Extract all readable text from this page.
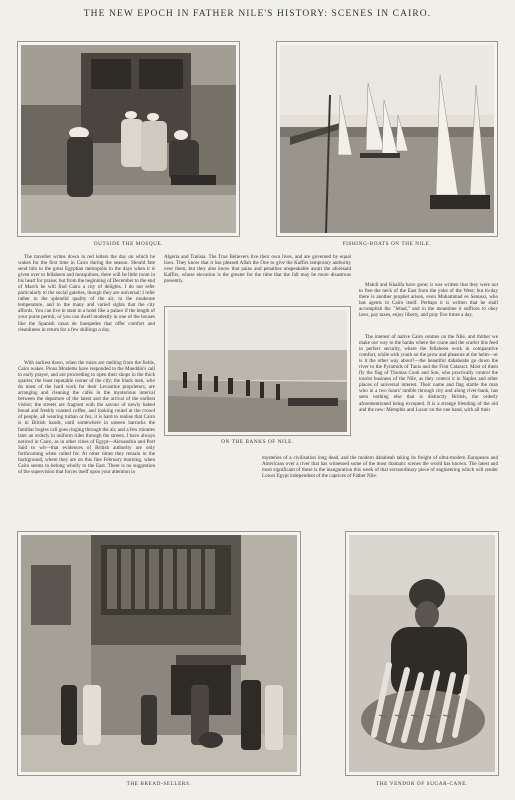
THE NEW EPOCH IN FATHER NILE'S HISTORY: SCENES IN CAIRO.
OUTSIDE THE MOSQUE.	FISHING-BOATS ON THE NILE.
ON THE BANKS OF NILE.

The traveller writes down in red letters the day on which he wakes for the first time in Cairo during the season. Should fate send him to the great Egyptian metropolis in the days when it is given over to fellaheen and mosquitoes, there will be little room in his heart for praise; but from the beginning of December to the end of March he will find Cairo a city of delights. I do not refer particularly to the social gaieties, though they are universal; I refer rather to the splendid quality of the air, to the moderate temperature, and to the many and varied sights that the city affords. You can live in state in a hotel like a palace if the length of your purse permit, or you can dwell modestly in one of the houses like the Spanish casas de huespedes that offer comfort and cleanliness in return for a few shillings a day.

With earliest dawn, when the mists are melting from the fields, Cairo wakes. Pious Moslems have responded to the Mueddin's call to early prayer, and are proceeding to open their shops in the thick quarter, the least reputable corner of the city; the black men, who do most of the hard work for their Levantine proprietors, are arranging and cleaning the cafés in the mysterious interval between the departure of the latest and the arrival of the earliest visitor; the streets are fragrant with the savour of newly baked bread and freshly roasted coffee, and looking round at the crowd of people, all wearing turban or fez, it is hard to realise that Cairo is in British hands, until somewhere in unseen barracks the familiar bugles call goes ringing through the air, and a few minutes later an orderly in uniform rides through the streets. I have always noticed in Cairo, as in other cities of Egypt—Alexandria and Port Said to wit—that evidences of British authority are only forthcoming when called for. At other times they remain in the background, where they are on this fine February morning, when Cairo seems to belong wholly to the East. There is no suggestion of the supervision that forces itself upon your attention in

Algeria and Tunisia. The True Believers live their own lives, and are governed by equal laws. They know that it has pleased Allah the One to give the Kaffirs temporary authority over them, but they also know that pains and penalties unspeakable await the aforesaid Kaffirs, whose elevation is the greater for the time that the fall may be more disastrous presently.

Mahdi and Khalifa have gone; it was written that they were not to free the neck of the East from the yoke of the West; but to-day there is another prophet arisen, even Muhammad es Senussi, who has agents in Cairo itself. Perhaps it is written that he shall accomplish the "Jehad," and in the meantime it suffices to obey laws, pay taxes, enjoy liberty, and pray five times a day.

The interest of native Cairo centres on the Nile, and thither we make our way to the banks where the crane and the scarlet ibis feed in perfect security, where the fellaheen work in comparative comfort, while with youth on the prow and pleasure at the helm—or is it the other way about?—the beautiful dahabeahs go down the river to the Pyramids of Tanis and the First Cataract. Most of them fly the flag of Thomas Cook and Son, who practically control the tourist business of the Nile, as they control it in Naples and other places of universal interest. Their name and flag startle the man who in a two hours' ramble through city and along river-bank, has seen nothing else that is distinctly British, the orderly aforementioned being excepted. It is a strange blending of the old and the new: Memphis and Luxor on the one hand, with all their

mysteries of a civilisation long dead, and the modern dahabeah taking its freight of ultra-modern Europeans and Americans over a river that has witnessed some of the most dramatic scenes the world has known. The latest and most significant of these is the inauguration this week of that extraordinary piece of engineering which will render Lower Egypt independent of the caprices of Father Nile.

THE BREAD-SELLERS.	THE VENDOR OF SUGAR-CANE.
